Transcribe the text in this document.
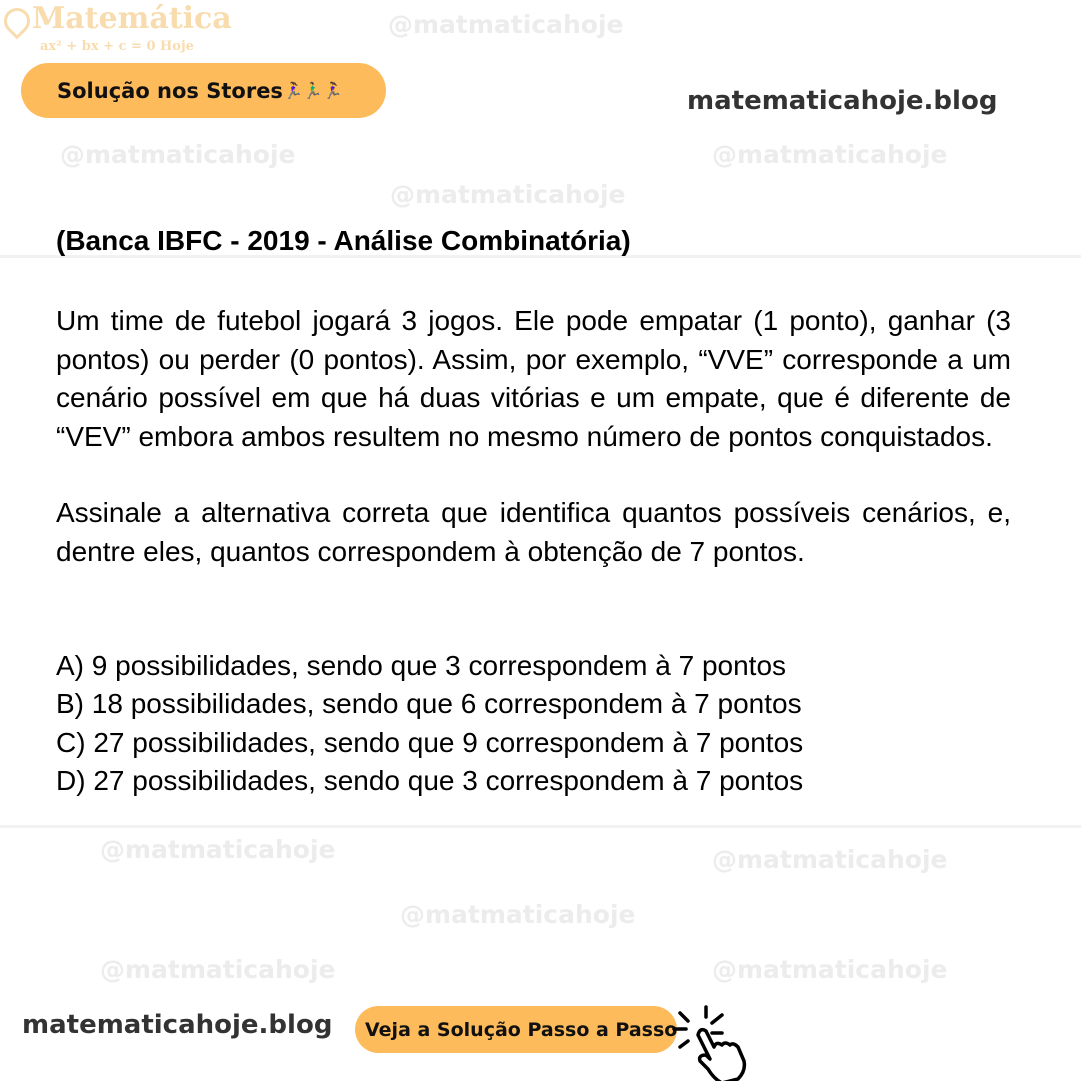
@matmaticahoje
@matmaticahoje	@matmaticahoje
@matmaticahoje
@matmaticahoje	@matmaticahoje
@matmaticahoje
@matmaticahoje	@matmaticahoje
Matemática
ax² + bx + c = 0 Hoje
Solução nos Stores 🏃‍♀️🏃‍♂️🏃‍♀️	matematicahoje.blog
(Banca IBFC - 2019 - Análise Combinatória)
Um time de futebol jogará 3 jogos. Ele pode empatar (1 ponto), ganhar (3 pontos) ou perder (0 pontos). Assim, por exemplo, “VVE” corresponde a um cenário possível em que há duas vitórias e um empate, que é diferente de “VEV” embora ambos resultem no mesmo número de pontos conquistados.
Assinale a alternativa correta que identifica quantos possíveis cenários, e, dentre eles, quantos correspondem à obtenção de 7 pontos.
A) 9 possibilidades, sendo que 3 correspondem à 7 pontos
B) 18 possibilidades, sendo que 6 correspondem à 7 pontos
C) 27 possibilidades, sendo que 9 correspondem à 7 pontos
D) 27 possibilidades, sendo que 3 correspondem à 7 pontos
matematicahoje.blog Veja a Solução Passo a Passo
